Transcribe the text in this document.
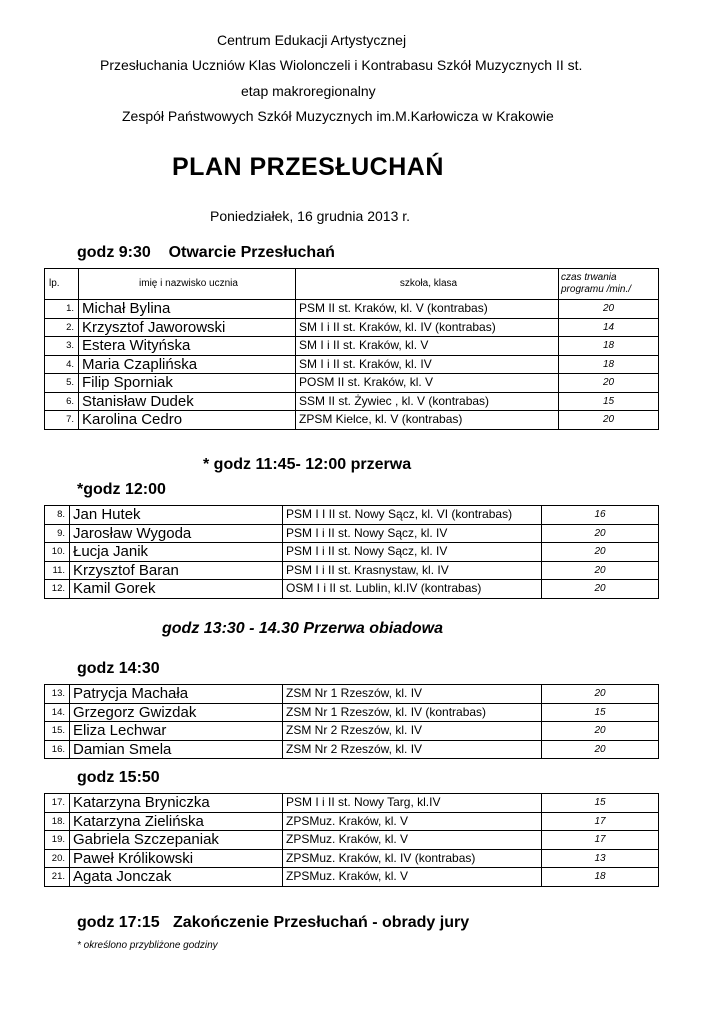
Centrum Edukacji Artystycznej
Przesłuchania Uczniów Klas Wiolonczeli i Kontrabasu Szkół Muzycznych II st.
etap makroregionalny
Zespół Państwowych Szkół Muzycznych im.M.Karłowicza w Krakowie
PLAN PRZESŁUCHAŃ
Poniedziałek, 16 grudnia 2013 r.
godz 9:30    Otwarcie Przesłuchań
lp.	imię i nazwisko ucznia	szkoła, klasa	czas trwania programu /min./
1.	Michał Bylina	PSM II st. Kraków, kl. V (kontrabas)	20
2.	Krzysztof Jaworowski	SM I i II st. Kraków, kl. IV (kontrabas)	14
3.	Estera Wityńska	SM I i II st. Kraków, kl. V	18
4.	Maria Czaplińska	SM I i II st. Kraków, kl. IV	18
5.	Filip Sporniak	POSM II st. Kraków, kl. V	20
6.	Stanisław Dudek	SSM II st. Żywiec , kl. V (kontrabas)	15
7.	Karolina Cedro	ZPSM Kielce, kl. V (kontrabas)	20
* godz 11:45- 12:00 przerwa
*godz 12:00
8.	Jan Hutek	PSM I I II st. Nowy Sącz, kl. VI (kontrabas)	16
9.	Jarosław Wygoda	PSM I i II st. Nowy Sącz, kl. IV	20
10.	Łucja Janik	PSM I i II st. Nowy Sącz, kl. IV	20
11.	Krzysztof Baran	PSM I i II st. Krasnystaw, kl. IV	20
12.	Kamil Gorek	OSM I i II st. Lublin, kl.IV (kontrabas)	20
godz 13:30 - 14.30 Przerwa obiadowa
godz 14:30
13.	Patrycja Machała	ZSM Nr 1 Rzeszów, kl. IV	20
14.	Grzegorz Gwizdak	ZSM Nr 1 Rzeszów, kl. IV (kontrabas)	15
15.	Eliza Lechwar	ZSM Nr 2 Rzeszów, kl. IV	20
16.	Damian Smela	ZSM Nr 2 Rzeszów, kl. IV	20
godz 15:50
17.	Katarzyna Bryniczka	PSM I i II st. Nowy Targ, kl.IV	15
18.	Katarzyna Zielińska	ZPSMuz. Kraków, kl. V	17
19.	Gabriela Szczepaniak	ZPSMuz. Kraków, kl. V	17
20.	Paweł Królikowski	ZPSMuz. Kraków, kl. IV (kontrabas)	13
21.	Agata Jonczak	ZPSMuz. Kraków, kl. V	18
godz 17:15   Zakończenie Przesłuchań - obrady jury
* określono przybliżone godziny
